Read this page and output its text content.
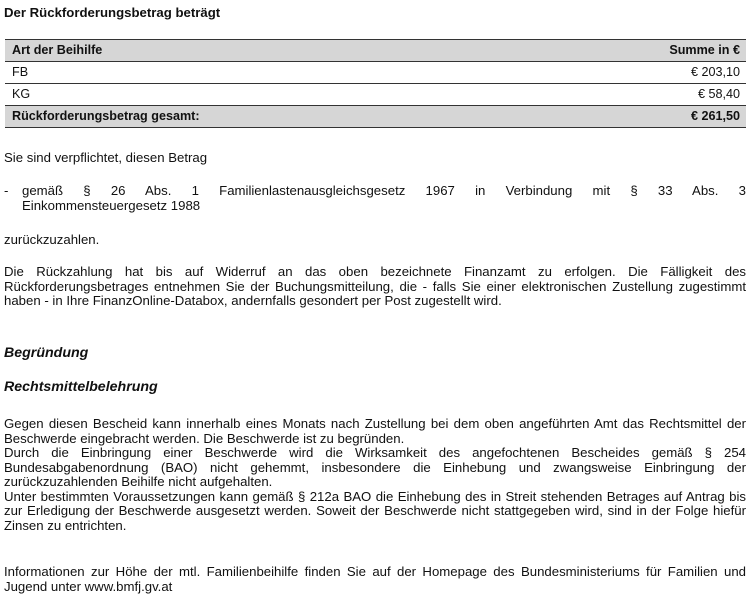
Der Rückforderungsbetrag beträgt
Art der Beihilfe	Summe in €
FB	€ 203,10
KG	€ 58,40
Rückforderungsbetrag gesamt:	€ 261,50
Sie sind verpflichtet, diesen Betrag
- gemäß § 26 Abs. 1 Familienlastenausgleichsgesetz 1967 in Verbindung mit § 33 Abs. 3
Einkommensteuergesetz 1988
zurückzuzahlen.
Die Rückzahlung hat bis auf Widerruf an das oben bezeichnete Finanzamt zu erfolgen. Die Fälligkeit des Rückforderungsbetrages entnehmen Sie der Buchungsmitteilung, die - falls Sie einer elektronischen Zustellung zugestimmt haben - in Ihre FinanzOnline-Databox, andernfalls gesondert per Post zugestellt wird.
Begründung
Rechtsmittelbelehrung
Gegen diesen Bescheid kann innerhalb eines Monats nach Zustellung bei dem oben angeführten Amt das Rechtsmittel der Beschwerde eingebracht werden. Die Beschwerde ist zu begründen.
Durch die Einbringung einer Beschwerde wird die Wirksamkeit des angefochtenen Bescheides gemäß § 254 Bundesabgabenordnung (BAO) nicht gehemmt, insbesondere die Einhebung und zwangsweise Einbringung der zurückzuzahlenden Beihilfe nicht aufgehalten.
Unter bestimmten Voraussetzungen kann gemäß § 212a BAO die Einhebung des in Streit stehenden Betrages auf Antrag bis zur Erledigung der Beschwerde ausgesetzt werden. Soweit der Beschwerde nicht stattgegeben wird, sind in der Folge hiefür Zinsen zu entrichten.
Informationen zur Höhe der mtl. Familienbeihilfe finden Sie auf der Homepage des Bundesministeriums für Familien und Jugend unter www.bmfj.gv.at
